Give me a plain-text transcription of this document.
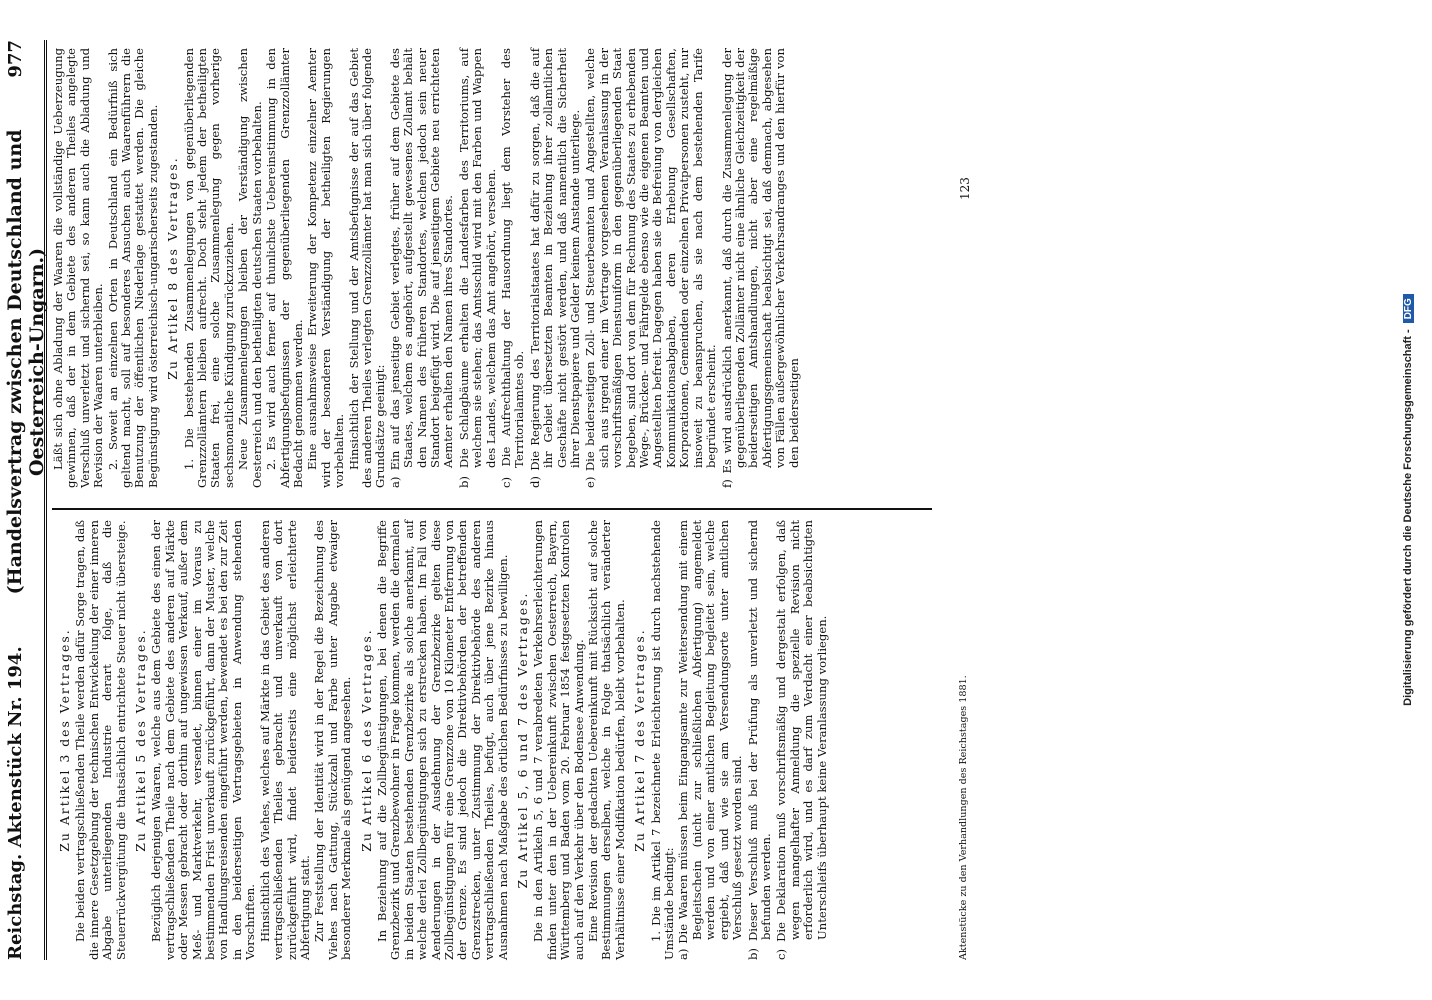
Reichstag. Aktenstück Nr. 194.
(Handelsvertrag zwischen Deutschland und Oesterreich-Ungarn.)
977
Zu Artikel 3 des Vertrages. Die beiden vertragschließenden Theile werden dafür Sorge tragen, daß die innere Gesetzgebung der technischen Entwickelung der einer inneren Abgabe unterliegenden Industrie derart folge, daß die Steuerrückvergütung die thatsächlich entrichtete Steuer nicht übersteige. Zu Artikel 5 des Vertrages. Bezüglich derjenigen Waaren, welche aus dem Gebiete des einen der vertragschließenden Theile nach dem Gebiete des anderen auf Märkte oder Messen gebracht oder dorthin auf ungewissen Verkauf, außer dem Meß- und Marktverkehr, versendet, binnen einer im Voraus zu bestimmenden Frist unverkauft zurückgeführt, dann der Muster, welche von Handlungsreisenden eingeführt werden, bewendet es bei den zur Zeit in den beiderseitigen Vertragsgebieten in Anwendung stehenden Vorschriften. Hinsichtlich des Viehes, welches auf Märkte in das Gebiet des anderen vertragschließenden Theiles gebracht und unverkauft von dort zurückgeführt wird, findet beiderseits eine möglichst erleichterte Abfertigung statt. Zur Feststellung der Identität wird in der Regel die Bezeichnung des Viehes nach Gattung, Stückzahl und Farbe unter Angabe etwaiger besonderer Merkmale als genügend angesehen. Zu Artikel 6 des Vertrages. In Beziehung auf die Zollbegünstigungen, bei denen die Begriffe Grenzbezirk und Grenzbewohner in Frage kommen, werden die dermalen in beiden Staaten bestehenden Grenzbezirke als solche anerkannt, auf welche derlei Zollbegünstigungen sich zu erstrecken haben. Im Fall von Aenderungen in der Ausdehnung der Grenzbezirke gelten diese Zollbegünstigungen für eine Grenzzone von 10 Kilometer Entfernung von der Grenze. Es sind jedoch die Direktivbehörden der betreffenden Grenzstrecken, unter Zustimmung der Direktivbehörde des anderen vertragschließenden Theiles, befugt, auch über jene Bezirke hinaus Ausnahmen nach Maßgabe des örtlichen Bedürfnisses zu bewilligen. Zu Artikel 5, 6 und 7 des Vertrages. Die in den Artikeln 5, 6 und 7 verabredeten Verkehrserleichterungen finden unter den in der Uebereinkunft zwischen Oesterreich, Bayern, Württemberg und Baden vom 20. Februar 1854 festgesetzten Kontrolen auch auf den Verkehr über den Bodensee Anwendung. Eine Revision der gedachten Uebereinkunft mit Rücksicht auf solche Bestimmungen derselben, welche in Folge thatsächlich veränderter Verhältnisse einer Modifikation bedürfen, bleibt vorbehalten. Zu Artikel 7 des Vertrages. 1. Die im Artikel 7 bezeichnete Erleichterung ist durch nachstehende Umstände bedingt: a) Die Waaren müssen beim Eingangsamte zur Weitersendung mit einem Begleitschein (nicht zur schließlichen Abfertigung) angemeldet werden und von einer amtlichen Begleitung begleitet sein, welche ergiebt, daß und wie sie am Versendungsorte unter amtlichen Verschluß gesetzt worden sind. b) Dieser Verschluß muß bei der Prüfung als unverletzt und sichernd befunden werden. c) Die Deklaration muß vorschriftsmäßig und dergestalt erfolgen, daß wegen mangelhafter Anmeldung die spezielle Revision nicht erforderlich wird, und es darf zum Verdacht einer beabsichtigten Unterschleifs überhaupt keine Veranlassung vorliegen.

Läßt sich ohne Abladung der Waaren die vollständige Ueberzeugung gewinnen, daß der in dem Gebiete des anderen Theiles angelegte Verschluß unverletzt und sichernd sei, so kann auch die Abladung und Revision der Waaren unterbleiben. 2. Soweit an einzelnen Orten in Deutschland ein Bedürfniß sich geltend macht, soll auf besonderes Ansuchen auch Waarenführern die Benutzung der öffentlichen Niederlage gestattet werden. Die gleiche Begünstigung wird österreichisch-ungarischerseits zugestanden. Zu Artikel 8 des Vertrages. 1. Die bestehenden Zusammenlegungen von gegenüberliegenden Grenzzollämtern bleiben aufrecht. Doch steht jedem der betheiligten Staaten frei, eine solche Zusammenlegung gegen vorherige sechsmonatliche Kündigung zurückzuziehen. Neue Zusammenlegungen bleiben der Verständigung zwischen Oesterreich und den betheiligten deutschen Staaten vorbehalten. 2. Es wird auch ferner auf thunlichste Uebereinstimmung in den Abfertigungsbefugnissen der gegenüberliegenden Grenzzollämter Bedacht genommen werden. Eine ausnahmsweise Erweiterung der Kompetenz einzelner Aemter wird der besonderen Verständigung der betheiligten Regierungen vorbehalten. Hinsichtlich der Stellung und der Amtsbefugnisse der auf das Gebiet des anderen Theiles verlegten Grenzzollämter hat man sich über folgende Grundsätze geeinigt: a) Ein auf das jenseitige Gebiet verlegtes, früher auf dem Gebiete des Staates, welchem es angehört, aufgestellt gewesenes Zollamt behält den Namen des früheren Standortes, welchen jedoch sein neuer Standort beigefügt wird. Die auf jenseitigem Gebiete neu errichteten Aemter erhalten den Namen ihres Standortes. b) Die Schlagbäume erhalten die Landesfarben des Territoriums, auf welchem sie stehen; das Amtsschild wird mit den Farben und Wappen des Landes, welchem das Amt angehört, versehen. c) Die Aufrechthaltung der Hausordnung liegt dem Vorsteher des Territorialamtes ob. d) Die Regierung des Territorialstaates hat dafür zu sorgen, daß die auf ihr Gebiet übersetzten Beamten in Beziehung ihrer zollamtlichen Geschäfte nicht gestört werden, und daß namentlich die Sicherheit ihrer Dienstpapiere und Gelder keinem Anstande unterliege. e) Die beiderseitigen Zoll- und Steuerbeamten und Angestellten, welche sich aus irgend einer im Vertrage vorgesehenen Veranlassung in der vorschriftsmäßigen Dienstuniform in den gegenüberliegenden Staat begeben, sind dort von dem für Rechnung des Staates zu erhebenden Wege-, Brücken- und Fährgelde ebenso wie die eigenen Beamten und Angestellten befreit. Dagegen haben sie die Befreiung von dergleichen Kommunikationsabgaben, deren Erhebung Gesellschaften, Korporationen, Gemeinden oder einzelnen Privatpersonen zusteht, nur insoweit zu beanspruchen, als sie nach dem bestehenden Tarife begründet erscheint. f) Es wird ausdrücklich anerkannt, daß durch die Zusammenlegung der gegenüberliegenden Zollämter nicht eine ähnliche Gleichzeitigkeit der beiderseitigen Amtshandlungen, nicht aber eine regelmäßige Abfertigungsgemeinschaft beabsichtigt sei, daß demnach, abgesehen von Fällen außergewöhnlicher Verkehrsandranges und den hierfür von den beiderseitigen
Aktenstücke zu den Verhandlungen des Reichstages 1881.
123
Digitalisierung gefördert durch die Deutsche Forschungsgemeinschaft -
DFG
